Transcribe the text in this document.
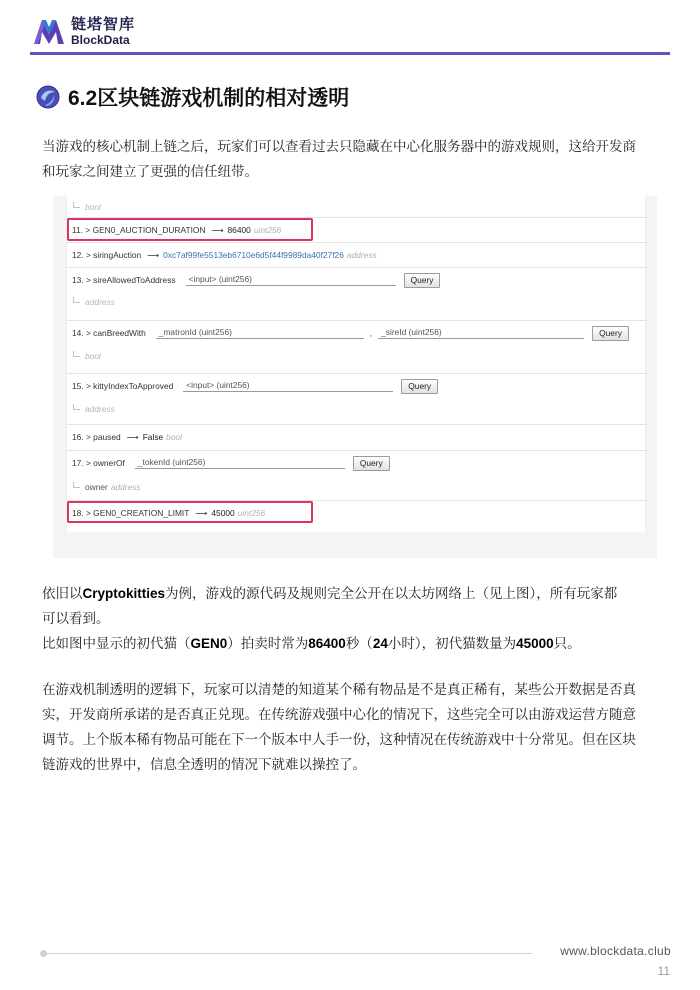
链塔智库
BlockData
6.2区块链游戏机制的相对透明
当游戏的核心机制上链之后，玩家们可以查看过去只隐藏在中心化服务器中的游戏规则，这给开发商
和玩家之间建立了更强的信任纽带。
bool
11. > GEN0_AUCTION_DURATION ⟶ 86400 uint256
12. > siringAuction ⟶ 0xc7af99fe5513eb6710e6d5f44f9989da40f27f26 address
13. > sireAllowedToAddress	<input> (uint256)	Query
address
14. > canBreedWith	_matronId (uint256)	,	_sireId (uint256)	Query
bool
15. > kittyIndexToApproved	<input> (uint256)	Query
address
16. > paused ⟶ False bool
17. > ownerOf	_tokenId (uint256)	Query
owner address
18. > GEN0_CREATION_LIMIT ⟶ 45000 uint256
依旧以Cryptokitties为例，游戏的源代码及规则完全公开在以太坊网络上（见上图），所有玩家都
可以看到。
比如图中显示的初代猫（GEN0）拍卖时常为86400秒（24小时），初代猫数量为45000只。
在游戏机制透明的逻辑下，玩家可以清楚的知道某个稀有物品是不是真正稀有，某些公开数据是否真
实，开发商所承诺的是否真正兑现。在传统游戏强中心化的情况下，这些完全可以由游戏运营方随意
调节。上个版本稀有物品可能在下一个版本中人手一份，这种情况在传统游戏中十分常见。但在区块
链游戏的世界中，信息全透明的情况下就难以操控了。
www.blockdata.club
11
